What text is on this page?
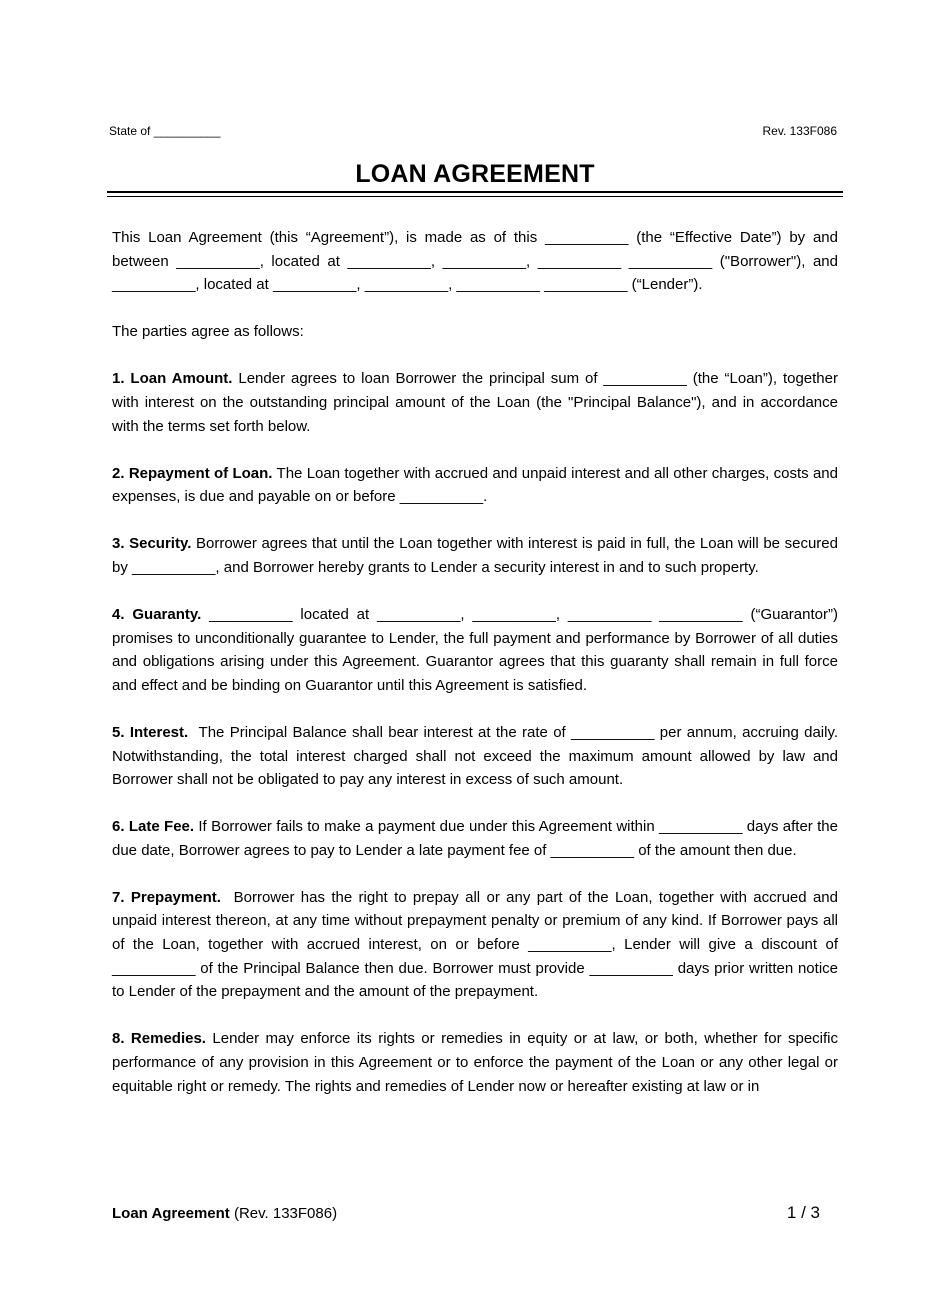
State of __________	Rev. 133F086
LOAN AGREEMENT

This Loan Agreement (this “Agreement”), is made as of this __________ (the “Effective Date”) by and between __________, located at __________, __________, __________ __________ ("Borrower"), and __________, located at __________, __________, __________ __________ (“Lender”).

The parties agree as follows:

1. Loan Amount. Lender agrees to loan Borrower the principal sum of __________ (the “Loan”), together with interest on the outstanding principal amount of the Loan (the "Principal Balance"), and in accordance with the terms set forth below.

2. Repayment of Loan. The Loan together with accrued and unpaid interest and all other charges, costs and expenses, is due and payable on or before __________.

3. Security. Borrower agrees that until the Loan together with interest is paid in full, the Loan will be secured by __________, and Borrower hereby grants to Lender a security interest in and to such property.

4. Guaranty. __________ located at __________, __________, __________ __________ (“Guarantor”) promises to unconditionally guarantee to Lender, the full payment and performance by Borrower of all duties and obligations arising under this Agreement. Guarantor agrees that this guaranty shall remain in full force and effect and be binding on Guarantor until this Agreement is satisfied.

5. Interest. The Principal Balance shall bear interest at the rate of __________ per annum, accruing daily. Notwithstanding, the total interest charged shall not exceed the maximum amount allowed by law and Borrower shall not be obligated to pay any interest in excess of such amount.

6. Late Fee. If Borrower fails to make a payment due under this Agreement within __________ days after the due date, Borrower agrees to pay to Lender a late payment fee of __________ of the amount then due.

7. Prepayment. Borrower has the right to prepay all or any part of the Loan, together with accrued and unpaid interest thereon, at any time without prepayment penalty or premium of any kind. If Borrower pays all of the Loan, together with accrued interest, on or before __________, Lender will give a discount of __________ of the Principal Balance then due. Borrower must provide __________ days prior written notice to Lender of the prepayment and the amount of the prepayment.

8. Remedies. Lender may enforce its rights or remedies in equity or at law, or both, whether for specific performance of any provision in this Agreement or to enforce the payment of the Loan or any other legal or equitable right or remedy. The rights and remedies of Lender now or hereafter existing at law or in

Loan Agreement (Rev. 133F086)	1 / 3
